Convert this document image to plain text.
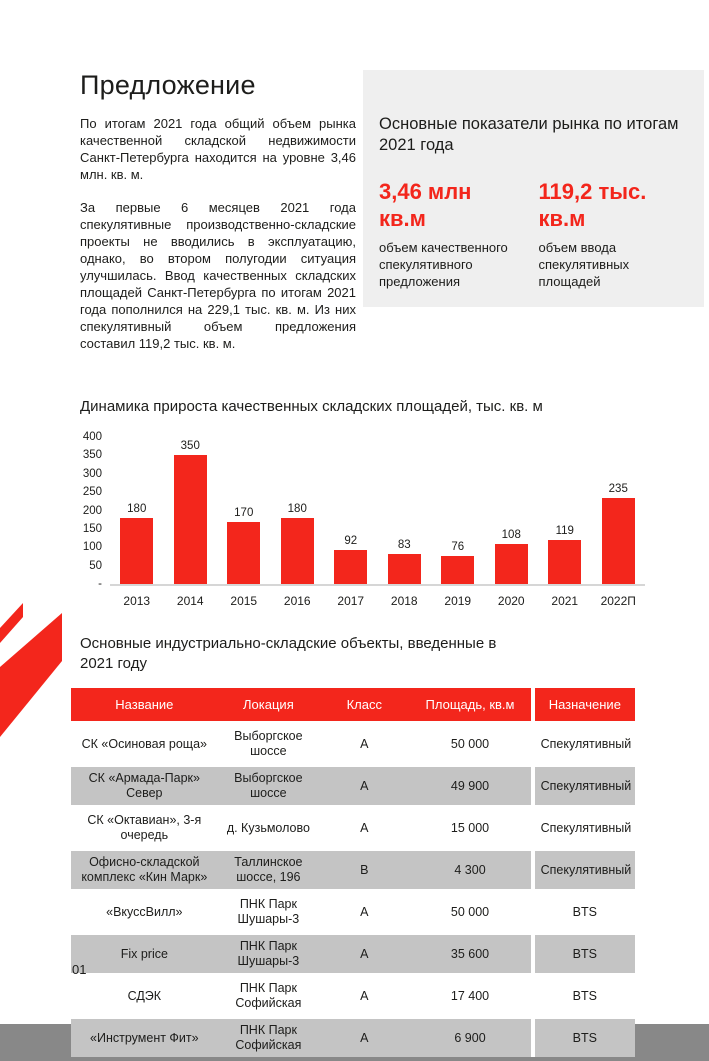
Предложение

По итогам 2021 года общий объем рынка качественной складской недвижимости Санкт-Петербурга находится на уровне 3,46 млн. кв. м.

За первые 6 месяцев 2021 года спекулятивные производственно-складские проекты не вводились в эксплуатацию, однако, во втором полугодии ситуация улучшилась. Ввод качественных складских площадей Санкт-Петербурга по итогам 2021 года пополнился на 229,1 тыс. кв. м. Из них спекулятивный объем предложения составил 119,2 тыс. кв. м.

Основные показатели рынка по итогам 2021 года
3,46 млн
кв.м
объем качественного спекулятивного предложения
119,2 тыс.
кв.м
объем ввода спекулятивных площадей
Динамика прироста качественных складских площадей, тыс. кв. м
400
350
300
250
200
150
100
50
-
180
350
170	180
92	83	76
108	119
235
2013	2014	2015	2016	2017	2018	2019	2020	2021	2022П
Основные индустриально-складские объекты, введенные в 2021 году
Название	Локация	Класс	Площадь, кв.м	Назначение
СК «Осиновая роща»	Выборгское шоссе	А	50 000	Спекулятивный
СК «Армада-Парк» Север	Выборгское шоссе	А	49 900	Спекулятивный
СК «Октавиан», 3-я очередь	д. Кузьмолово	А	15 000	Спекулятивный
Офисно-складской комплекс «Кин Марк»	Таллинское шоссе, 196	В	4 300	Спекулятивный
«ВкуссВилл»	ПНК Парк Шушары-3	А	50 000	BTS
Fix price	ПНК Парк Шушары-3	А	35 600	BTS
СДЭК	ПНК Парк Софийская	А	17 400	BTS
«Инструмент Фит»	ПНК Парк Софийская	А	6 900	BTS
01
